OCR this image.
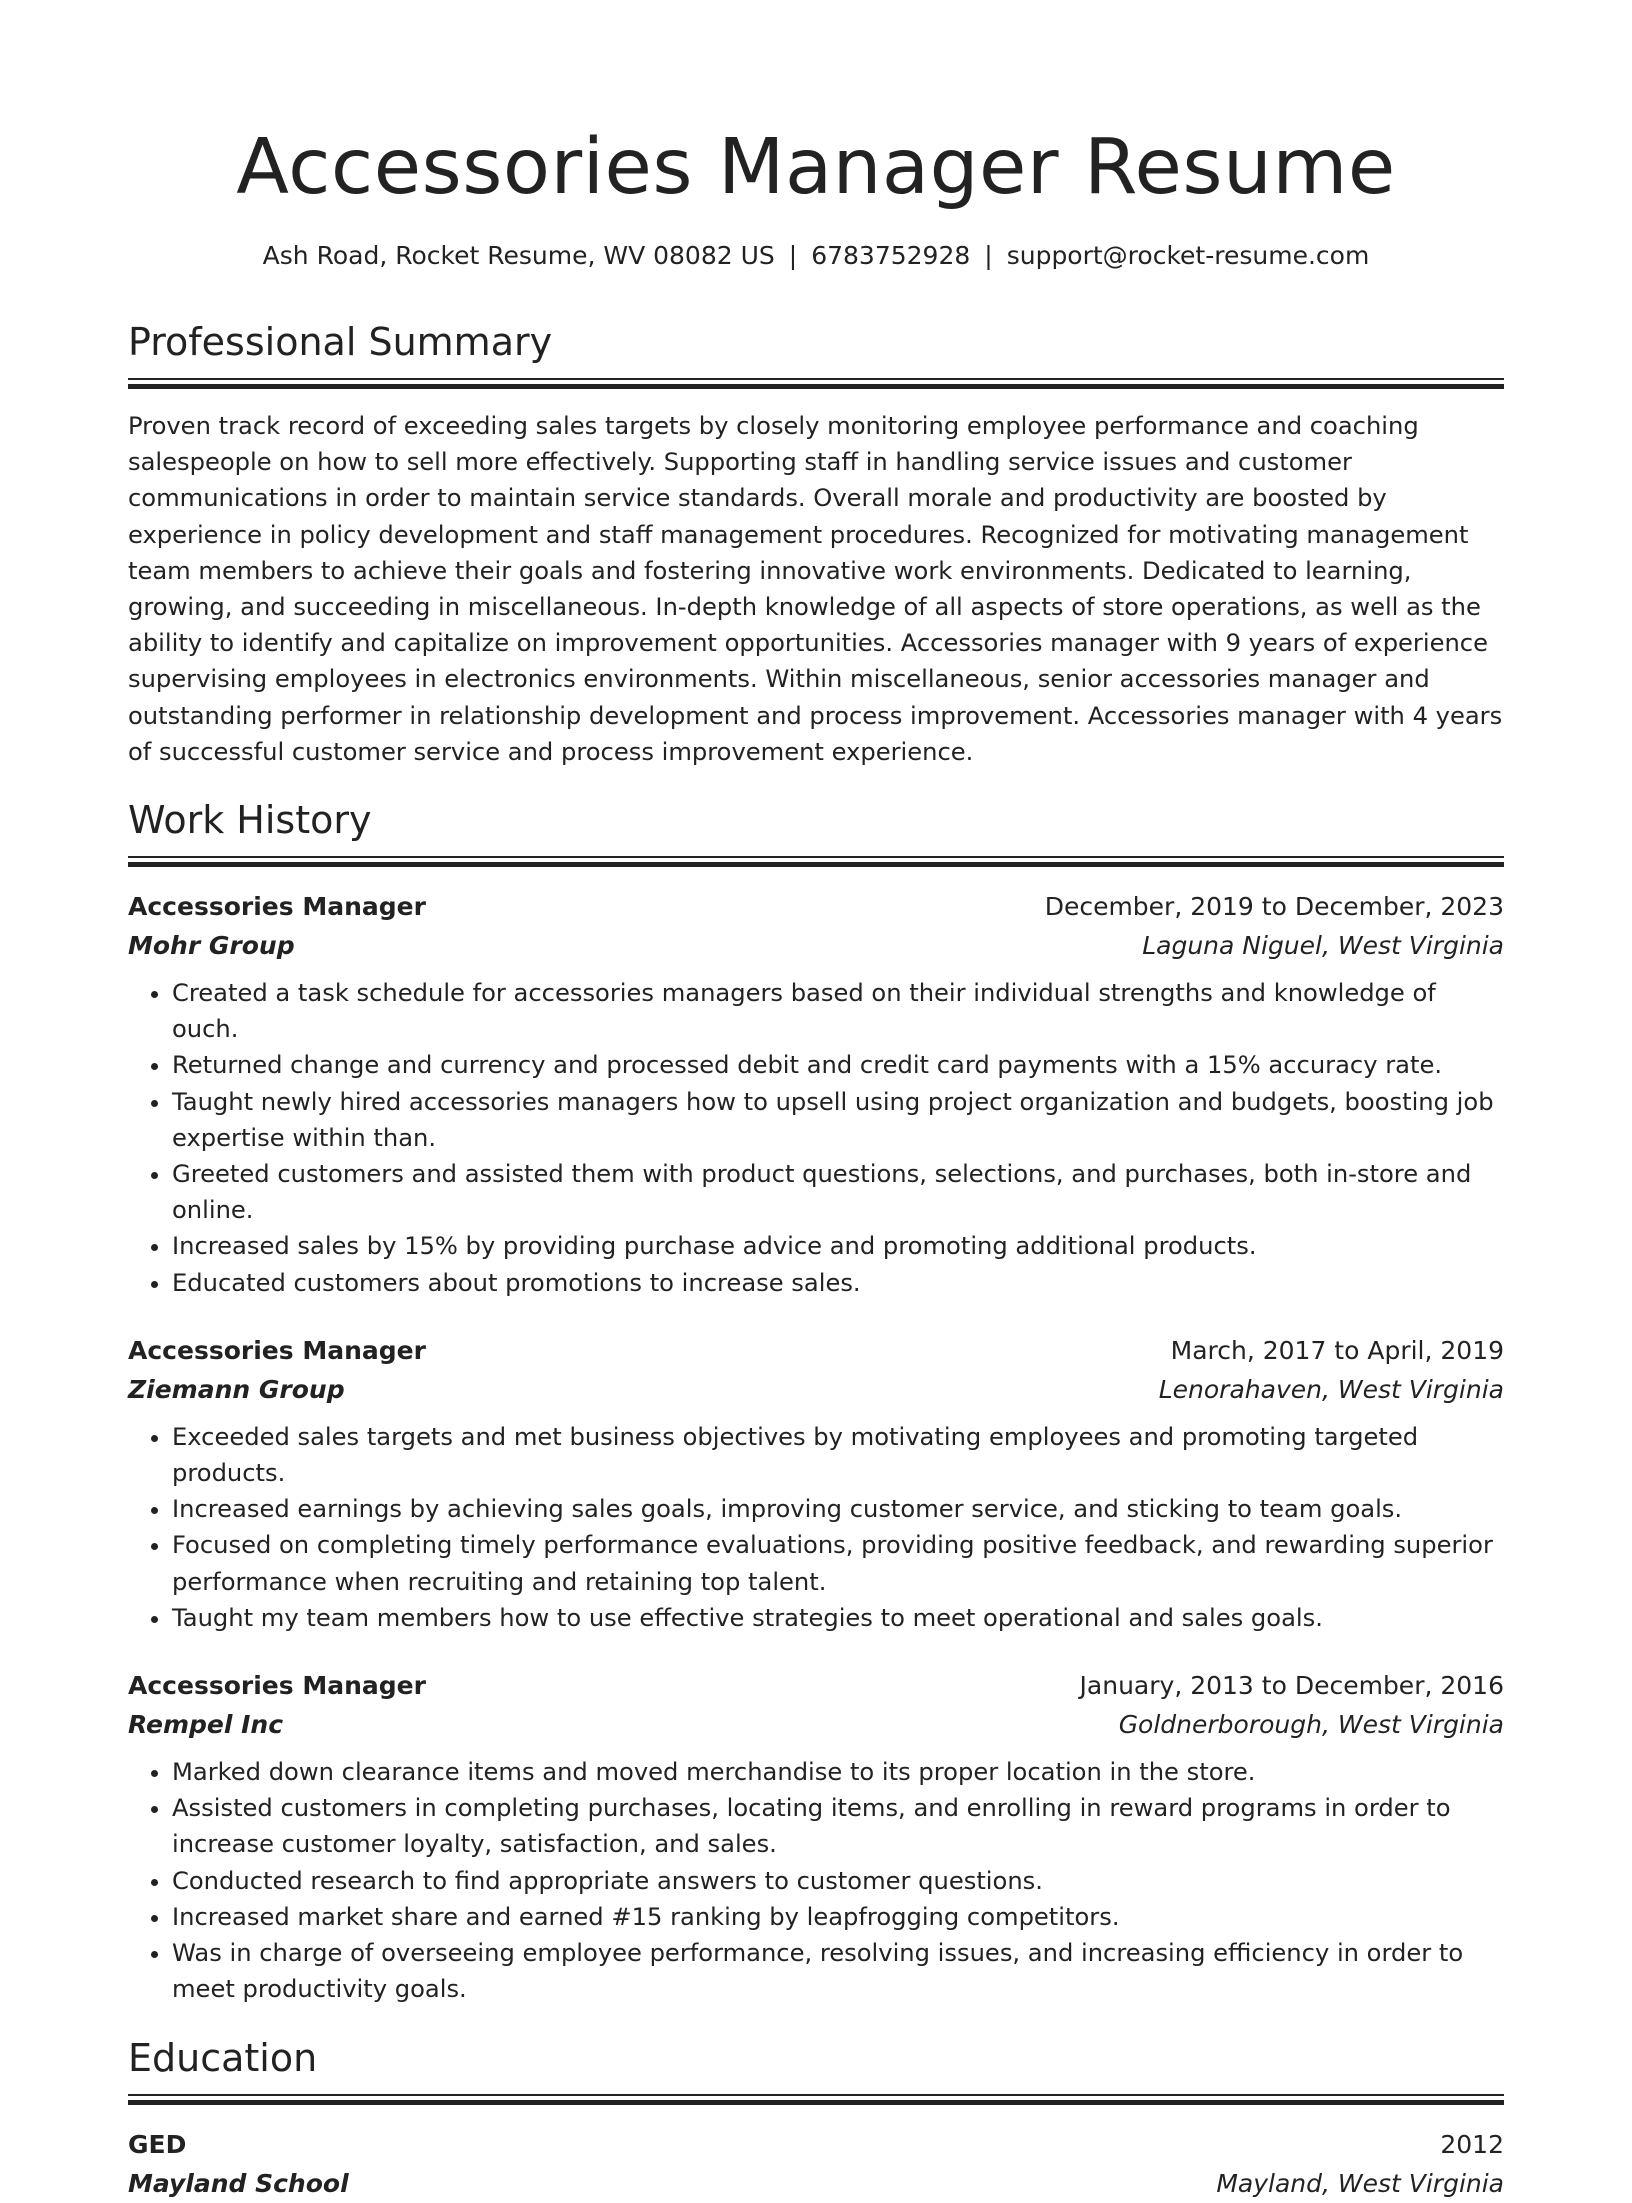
Accessories Manager Resume
Ash Road, Rocket Resume, WV 08082 US | 6783752928 | support@rocket-resume.com
Professional Summary

Proven track record of exceeding sales targets by closely monitoring employee performance and coaching salespeople on how to sell more effectively. Supporting staff in handling service issues and customer communications in order to maintain service standards. Overall morale and productivity are boosted by experience in policy development and staff management procedures. Recognized for motivating management team members to achieve their goals and fostering innovative work environments. Dedicated to learning, growing, and succeeding in miscellaneous. In-depth knowledge of all aspects of store operations, as well as the ability to identify and capitalize on improvement opportunities. Accessories manager with 9 years of experience supervising employees in electronics environments. Within miscellaneous, senior accessories manager and outstanding performer in relationship development and process improvement. Accessories manager with 4 years of successful customer service and process improvement experience.

Work History
Accessories Manager	December, 2019 to December, 2023
Mohr Group	Laguna Niguel, West Virginia
• Created a task schedule for accessories managers based on their individual strengths and knowledge of ouch.
• Returned change and currency and processed debit and credit card payments with a 15% accuracy rate.
• Taught newly hired accessories managers how to upsell using project organization and budgets, boosting job expertise within than.
• Greeted customers and assisted them with product questions, selections, and purchases, both in-store and online.
• Increased sales by 15% by providing purchase advice and promoting additional products.
• Educated customers about promotions to increase sales.
Accessories Manager	March, 2017 to April, 2019
Ziemann Group	Lenorahaven, West Virginia
• Exceeded sales targets and met business objectives by motivating employees and promoting targeted products.
• Increased earnings by achieving sales goals, improving customer service, and sticking to team goals.
• Focused on completing timely performance evaluations, providing positive feedback, and rewarding superior performance when recruiting and retaining top talent.
• Taught my team members how to use effective strategies to meet operational and sales goals.
Accessories Manager	January, 2013 to December, 2016
Rempel Inc	Goldnerborough, West Virginia
• Marked down clearance items and moved merchandise to its proper location in the store.
• Assisted customers in completing purchases, locating items, and enrolling in reward programs in order to increase customer loyalty, satisfaction, and sales.
• Conducted research to find appropriate answers to customer questions.
• Increased market share and earned #15 ranking by leapfrogging competitors.
• Was in charge of overseeing employee performance, resolving issues, and increasing efficiency in order to meet productivity goals.
Education
GED	2012
Mayland School	Mayland, West Virginia
